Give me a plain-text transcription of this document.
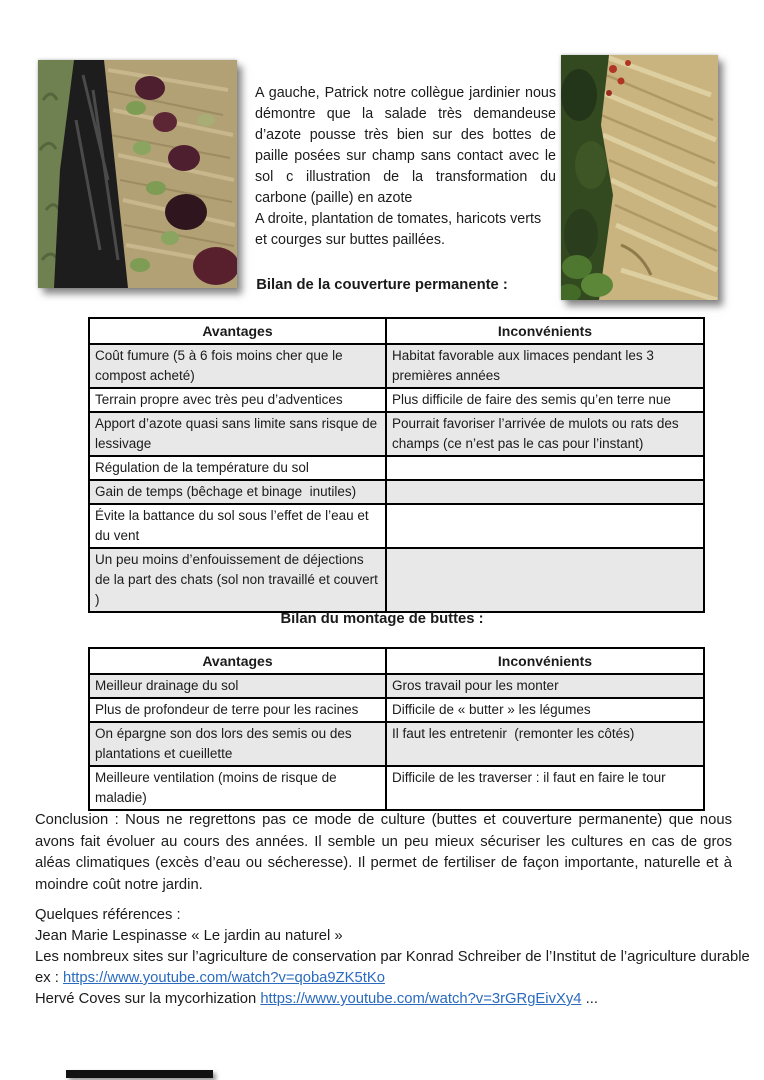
A gauche, Patrick notre collègue jardinier nous démontre que la salade très demandeuse d’azote pousse très bien sur des bottes de paille posées sur champ sans contact avec le sol c illustration de la transformation du carbone (paille) en azote

A droite, plantation de tomates, haricots verts et courges sur buttes paillées.

Bilan de la couverture permanente :
Avantages	Inconvénients
Coût fumure (5 à 6 fois moins cher que le compost acheté)	Habitat favorable aux limaces pendant les 3 premières années
Terrain propre avec très peu d’adventices	Plus difficile de faire des semis qu’en terre nue
Apport d’azote quasi sans limite sans risque de lessivage	Pourrait favoriser l’arrivée de mulots ou rats des champs (ce n’est pas le cas pour l’instant)
Régulation de la température du sol	
Gain de temps (bêchage et binage  inutiles)	
Évite la battance du sol sous l’effet de l’eau et du vent	
Un peu moins d’enfouissement de déjections de la part des chats (sol non travaillé et couvert )	
Bilan du montage de buttes :
Avantages	Inconvénients
Meilleur drainage du sol	Gros travail pour les monter
Plus de profondeur de terre pour les racines	Difficile de « butter » les légumes
On épargne son dos lors des semis ou des plantations et cueillette	Il faut les entretenir  (remonter les côtés)
Meilleure ventilation (moins de risque de maladie)	Difficile de les traverser : il faut en faire le tour

Conclusion : Nous ne regrettons pas ce mode de culture (buttes et couverture permanente) que nous avons fait évoluer au cours des années. Il semble un peu mieux sécuriser les cultures en cas de gros aléas climatiques (excès d’eau ou sécheresse). Il permet de fertiliser de façon importante, naturelle et à moindre coût notre jardin.

Quelques références :
Jean Marie Lespinasse « Le jardin au naturel »
Les nombreux sites sur l’agriculture de conservation par Konrad Schreiber de l’Institut de l’agriculture durable
ex : https://www.youtube.com/watch?v=qoba9ZK5tKo
Hervé Coves sur la mycorhization https://www.youtube.com/watch?v=3rGRgEivXy4 ...
